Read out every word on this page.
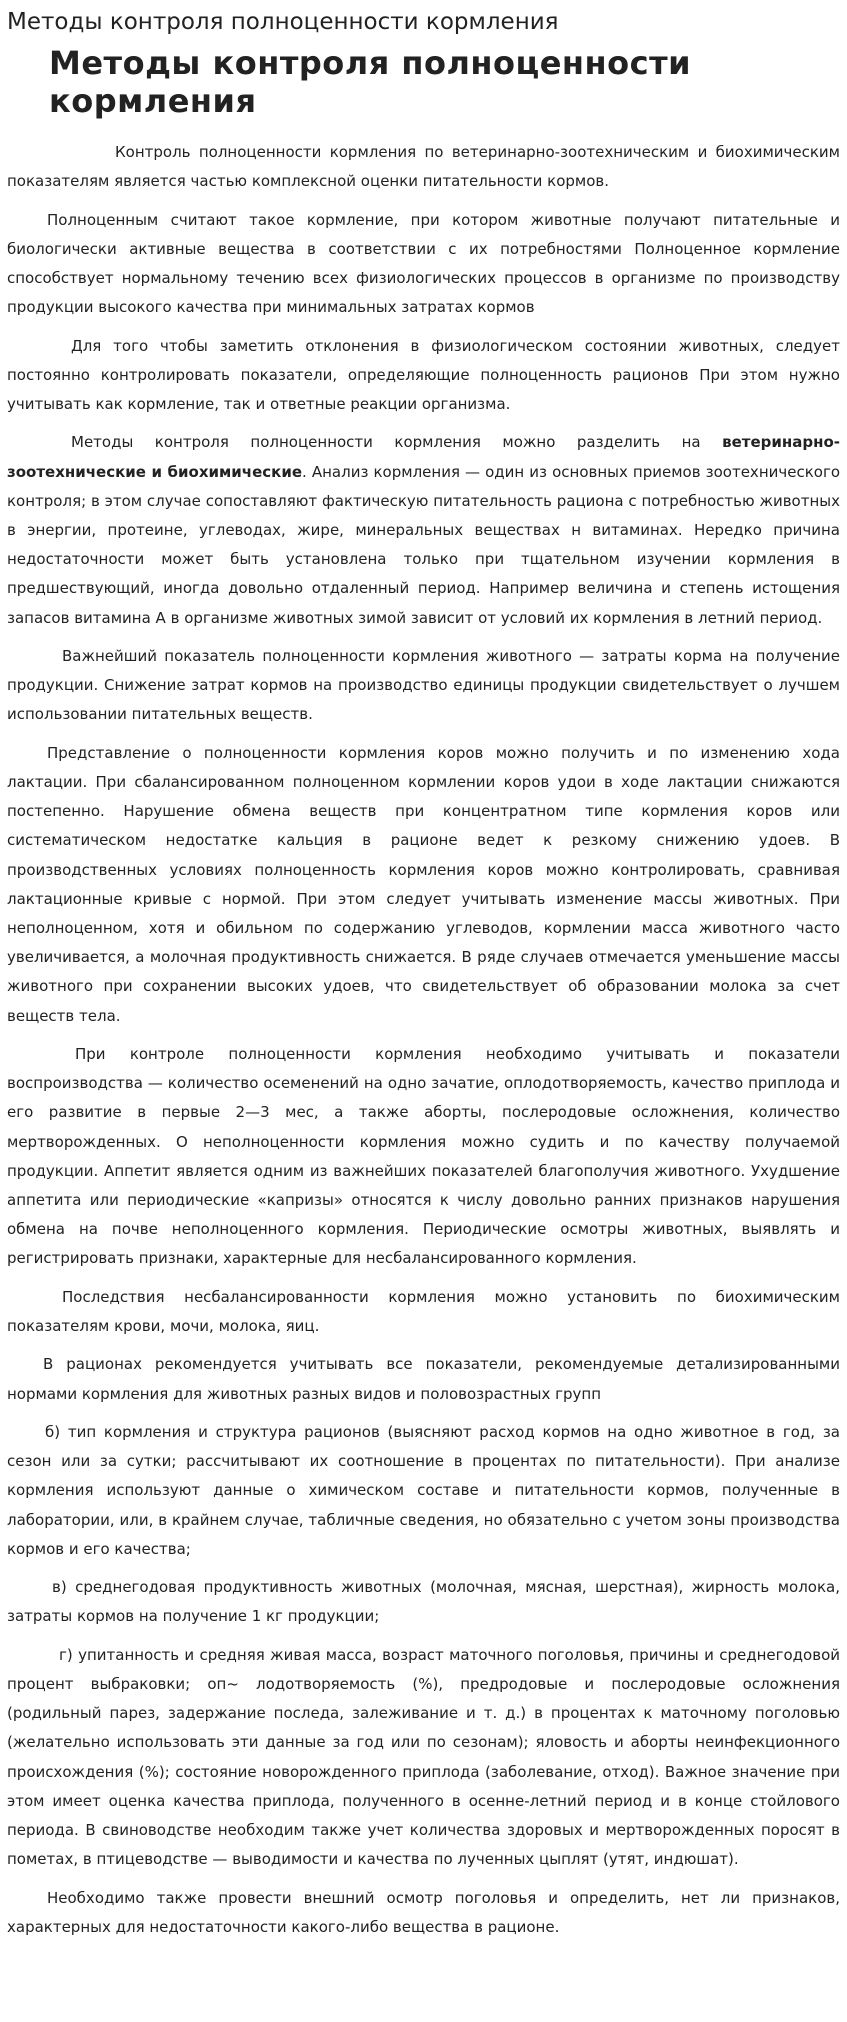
Методы контроля полноценности кормления
Методы контроля полноценности кормления

Контроль полноценности кормления по ветеринарно-зоотехническим и биохимическим показателям является частью комплексной оценки питательности кормов.

Полноценным считают такое кормление, при котором животные получают питательные и биологически активные вещества в соответствии с их потребностями Полноценное кормление способствует нормальному течению всех физиологических процессов в организме по производству продукции высокого качества при минимальных затратах кормов

Для того чтобы заметить отклонения в физиологическом состоянии животных, следует постоянно контролировать показатели, определяющие полноценность рационов При этом нужно учитывать как кормление, так и ответные реакции организма.

Методы контроля полноценности кормления можно разделить на ветеринарно-зоотехнические и биохимические. Анализ кормления — один из основных приемов зоотехнического контроля; в этом случае сопоставляют фактическую питательность рациона с потребностью животных в энергии, протеине, углеводах, жире, минеральных веществах н витаминах. Нередко причина недостаточности может быть установлена только при тщательном изучении кормления в предшествующий, иногда довольно отдаленный период. Например величина и степень истощения запасов витамина А в организме животных зимой зависит от условий их кормления в летний период.

Важнейший показатель полноценности кормления животного — затраты корма на получение продукции. Снижение затрат кормов на производство единицы продукции свидетельствует о лучшем использовании питательных веществ.

Представление о полноценности кормления коров можно получить и по изменению хода лактации. При сбалансированном полноценном кормлении коров удои в ходе лактации снижаются постепенно. Нарушение обмена веществ при концентратном типе кормления коров или систематическом недостатке кальция в рационе ведет к резкому снижению удоев. В производственных условиях полноценность кормления коров можно контролировать, сравнивая лактационные кривые с нормой. При этом следует учитывать изменение массы животных. При неполноценном, хотя и обильном по содержанию углеводов, кормлении масса животного часто увеличивается, а молочная продуктивность снижается. В ряде случаев отмечается уменьшение массы животного при сохранении высоких удоев, что свидетельствует об образовании молока за счет веществ тела.

При контроле полноценности кормления необходимо учитывать и показатели воспроизводства — количество осеменений на одно зачатие, оплодотворяемость, качество приплода и его развитие в первые 2—3 мес, а также аборты, послеродовые осложнения, количество мертворожденных. О неполноценности кормления можно судить и по качеству получаемой продукции. Аппетит является одним из важнейших показателей благополучия животного. Ухудшение аппетита или периодические «капризы» относятся к числу довольно ранних признаков нарушения обмена на почве неполноценного кормления. Периодические осмотры животных, выявлять и регистрировать признаки, характерные для несбалансированного кормления.

Последствия несбалансированности кормления можно установить по биохимическим показателям крови, мочи, молока, яиц.

В рационах рекомендуется учитывать все показатели, рекомендуемые детализированными нормами кормления для животных разных видов и половозрастных групп

б) тип кормления и структура рационов (выясняют расход кормов на одно животное в год, за сезон или за сутки; рассчитывают их соотношение в процентах по питательности). При анализе кормления используют данные о химическом составе и питательности кормов, полученные в лаборатории, или, в крайнем случае, табличные сведения, но обязательно с учетом зоны производства кормов и его качества;

в) среднегодовая продуктивность животных (молочная, мясная, шерстная), жирность молока, затраты кормов на получение 1 кг продукции;

г) упитанность и средняя живая масса, возраст маточного поголовья, причины и среднегодовой процент выбраковки; оп~ лодотворяемость (%), предродовые и послеродовые осложнения (родильный парез, задержание последа, залеживание и т. д.) в процентах к маточному поголовью (желательно использовать эти данные за год или по сезонам); яловость и аборты неинфекционного происхождения (%); состояние новорожденного приплода (заболевание, отход). Важное значение при этом имеет оценка качества приплода, полученного в осенне-летний период и в конце стойлового периода. В свиноводстве необходим также учет количества здоровых и мертворожденных поросят в пометах, в птицеводстве — выводимости и качества по лученных цыплят (утят, индюшат).

Необходимо также провести внешний осмотр поголовья и определить, нет ли признаков, характерных для недостаточности какого-либо вещества в рационе.
